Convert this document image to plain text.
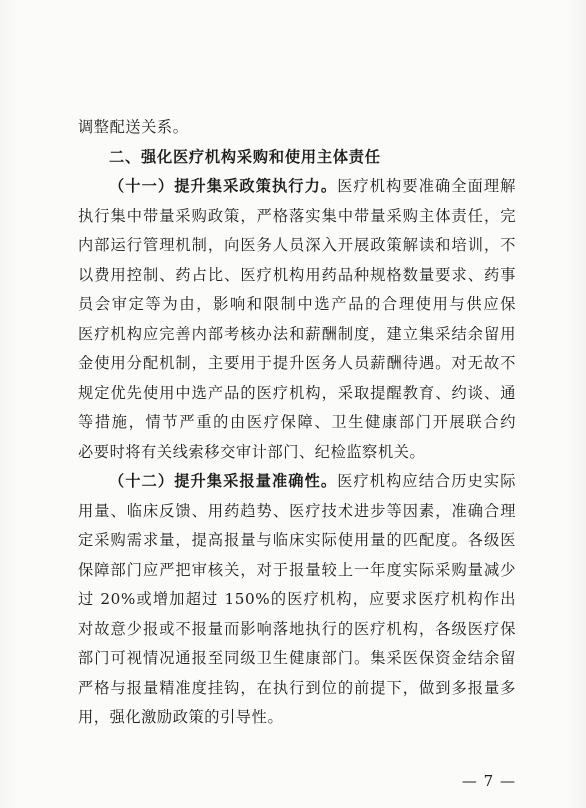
调整配送关系。
二、强化医疗机构采购和使用主体责任
（十一）提升集采政策执行力。医疗机构要准确全面理解
执行集中带量采购政策，严格落实集中带量采购主体责任，完
内部运行管理机制，向医务人员深入开展政策解读和培训，不
以费用控制、药占比、医疗机构用药品种规格数量要求、药事
员会审定等为由，影响和限制中选产品的合理使用与供应保
医疗机构应完善内部考核办法和薪酬制度，建立集采结余留用
金使用分配机制，主要用于提升医务人员薪酬待遇。对无故不
规定优先使用中选产品的医疗机构，采取提醒教育、约谈、通
等措施，情节严重的由医疗保障、卫生健康部门开展联合约
必要时将有关线索移交审计部门、纪检监察机关。
（十二）提升集采报量准确性。医疗机构应结合历史实际
用量、临床反馈、用药趋势、医疗技术进步等因素，准确合理
定采购需求量，提高报量与临床实际使用量的匹配度。各级医
保障部门应严把审核关，对于报量较上一年度实际采购量减少
过 20%或增加超过 150%的医疗机构，应要求医疗机构作出
对故意少报或不报量而影响落地执行的医疗机构，各级医疗保
部门可视情况通报至同级卫生健康部门。集采医保资金结余留
严格与报量精准度挂钩，在执行到位的前提下，做到多报量多
用，强化激励政策的引导性。
— 7 —
